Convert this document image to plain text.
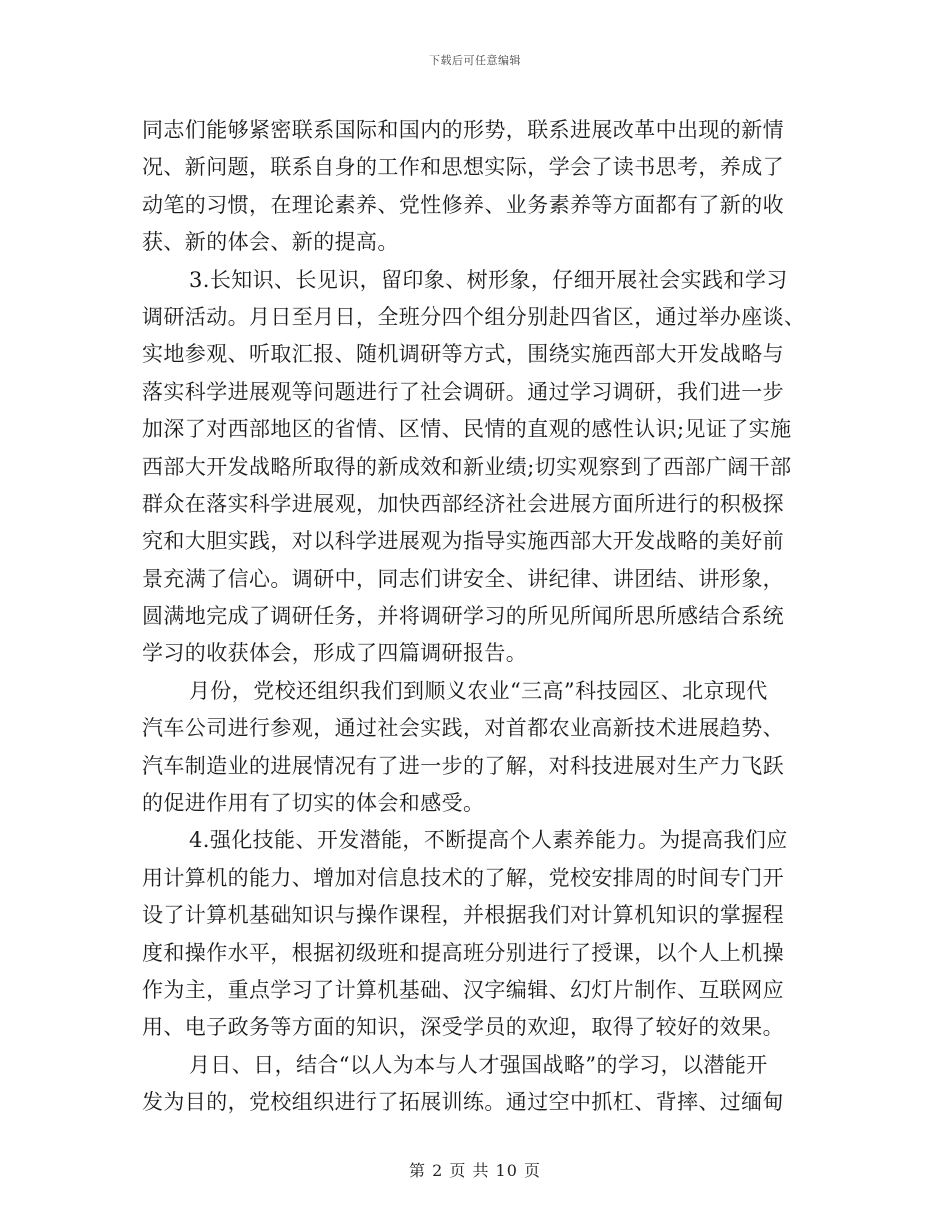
下载后可任意编辑
同志们能够紧密联系国际和国内的形势，联系进展改革中出现的新情
况、新问题，联系自身的工作和思想实际，学会了读书思考，养成了
动笔的习惯，在理论素养、党性修养、业务素养等方面都有了新的收
获、新的体会、新的提高。
3.长知识、长见识，留印象、树形象，仔细开展社会实践和学习
调研活动。月日至月日，全班分四个组分别赴四省区，通过举办座谈、
实地参观、听取汇报、随机调研等方式，围绕实施西部大开发战略与
落实科学进展观等问题进行了社会调研。通过学习调研，我们进一步
加深了对西部地区的省情、区情、民情的直观的感性认识;见证了实施
西部大开发战略所取得的新成效和新业绩;切实观察到了西部广阔干部
群众在落实科学进展观，加快西部经济社会进展方面所进行的积极探
究和大胆实践，对以科学进展观为指导实施西部大开发战略的美好前
景充满了信心。调研中，同志们讲安全、讲纪律、讲团结、讲形象，
圆满地完成了调研任务，并将调研学习的所见所闻所思所感结合系统
学习的收获体会，形成了四篇调研报告。
月份，党校还组织我们到顺义农业“三高”科技园区、北京现代
汽车公司进行参观，通过社会实践，对首都农业高新技术进展趋势、
汽车制造业的进展情况有了进一步的了解，对科技进展对生产力飞跃
的促进作用有了切实的体会和感受。
4.强化技能、开发潜能，不断提高个人素养能力。为提高我们应
用计算机的能力、增加对信息技术的了解，党校安排周的时间专门开
设了计算机基础知识与操作课程，并根据我们对计算机知识的掌握程
度和操作水平，根据初级班和提高班分别进行了授课，以个人上机操
作为主，重点学习了计算机基础、汉字编辑、幻灯片制作、互联网应
用、电子政务等方面的知识，深受学员的欢迎，取得了较好的效果。
月日、日，结合“以人为本与人才强国战略”的学习，以潜能开
发为目的，党校组织进行了拓展训练。通过空中抓杠、背摔、过缅甸
第 2 页 共 10 页
